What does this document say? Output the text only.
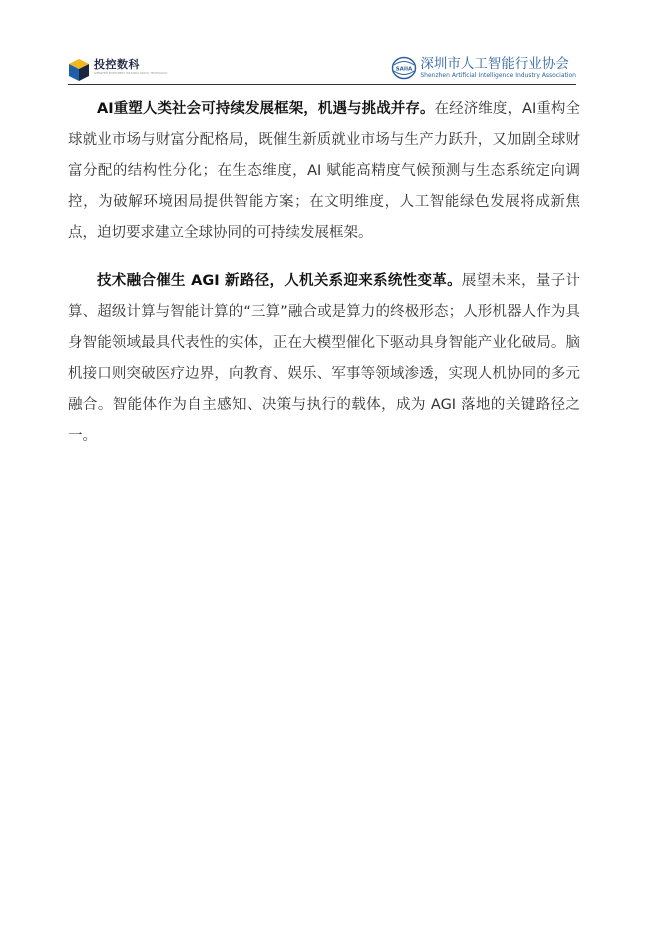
投控数科
SHENZHEN INVESTMENT HOLDINGS DIGITAL TECHNOLOGY
SAIIA 深圳市人工智能行业协会
Shenzhen Artificial Intelligence Industry Association

AI重塑人类社会可持续发展框架，机遇与挑战并存。在经济维度，AI重构全球就业市场与财富分配格局，既催生新质就业市场与生产力跃升，又加剧全球财富分配的结构性分化；在生态维度，AI 赋能高精度气候预测与生态系统定向调控，为破解环境困局提供智能方案；在文明维度，人工智能绿色发展将成新焦点，迫切要求建立全球协同的可持续发展框架。

技术融合催生 AGI 新路径，人机关系迎来系统性变革。展望未来，量子计算、超级计算与智能计算的“三算”融合或是算力的终极形态；人形机器人作为具身智能领域最具代表性的实体，正在大模型催化下驱动具身智能产业化破局。脑机接口则突破医疗边界，向教育、娱乐、军事等领域渗透，实现人机协同的多元融合。智能体作为自主感知、决策与执行的载体，成为 AGI 落地的关键路径之一。
